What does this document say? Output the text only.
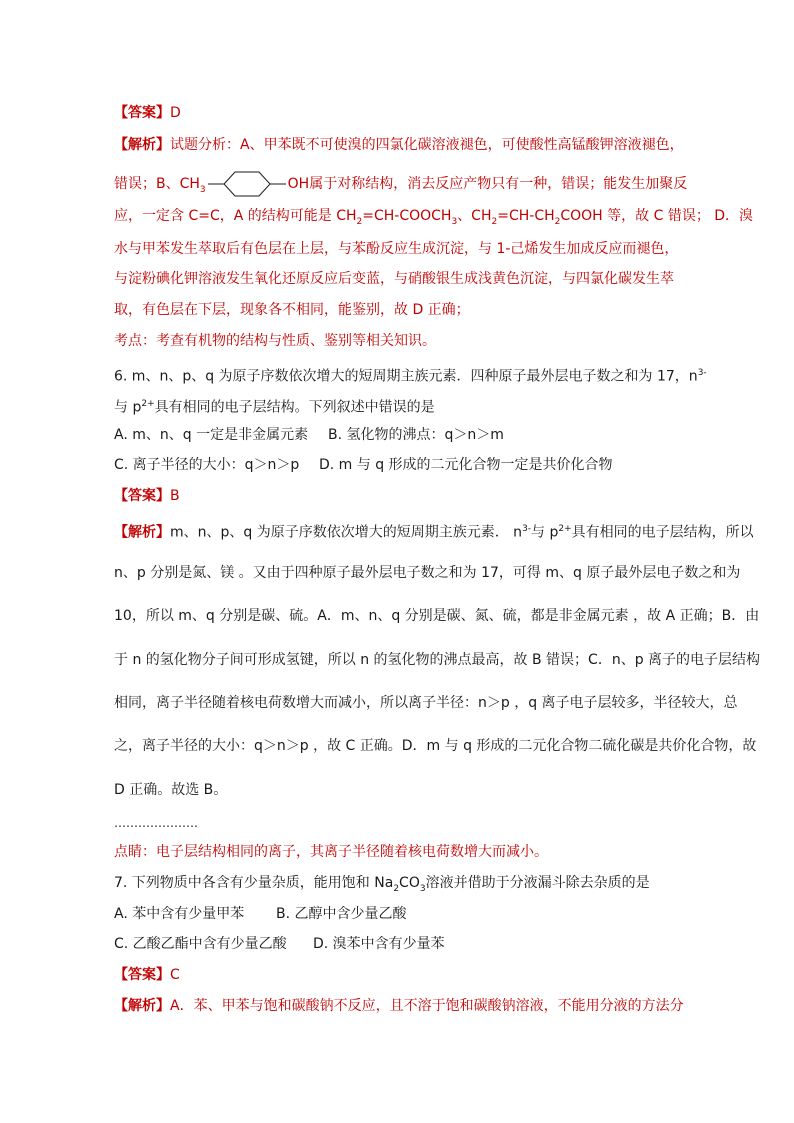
【答案】D
【解析】试题分析：A、甲苯既不可使溴的四氯化碳溶液褪色，可使酸性高锰酸钾溶液褪色，
错误；B、$CH_3$	OH属于对称结构，消去反应产物只有一种，错误；能发生加聚反
应，一定含 C=C，A 的结构可能是 $CH_2=CH-COOCH_3$、$CH_2=CH-CH_2COOH$ 等，故 C 错误； D．溴
水与甲苯发生萃取后有色层在上层，与苯酚反应生成沉淀，与 1-己烯发生加成反应而褪色，
与淀粉碘化钾溶液发生氧化还原反应后变蓝，与硝酸银生成浅黄色沉淀，与四氯化碳发生萃
取，有色层在下层，现象各不相同，能鉴别，故 D 正确；
考点：考查有机物的结构与性质、鉴别等相关知识。
6. m、n、p、q 为原子序数依次增大的短周期主族元素．四种原子最外层电子数之和为 17，$n^{3-}$
与 $p^{2+}$具有相同的电子层结构。下列叙述中错误的是
A. m、n、q 一定是非金属元素 B. 氢化物的沸点：q＞n＞m
C. 离子半径的大小：q＞n＞p D. m 与 q 形成的二元化合物一定是共价化合物
【答案】B
【解析】m、n、p、q 为原子序数依次增大的短周期主族元素． $n^{3-}$与 $p^{2+}$具有相同的电子层结构，所以
n、p 分别是氮、镁 。又由于四种原子最外层电子数之和为 17，可得 m、q 原子最外层电子数之和为
10，所以 m、q 分别是碳、硫。A．m、n、q 分别是碳、氮、硫，都是非金属元素 ，故 A 正确；B．由
于 n 的氢化物分子间可形成氢键，所以 n 的氢化物的沸点最高，故 B 错误；C．n、p 离子的电子层结构
相同，离子半径随着核电荷数增大而减小，所以离子半径：n＞p ，q 离子电子层较多，半径较大，总
之，离子半径的大小：q＞n＞p ，故 C 正确。D．m 与 q 形成的二元化合物二硫化碳是共价化合物，故
D 正确。故选 B。
…………………
点睛：电子层结构相同的离子，其离子半径随着核电荷数增大而减小。
7. 下列物质中各含有少量杂质，能用饱和 $Na_2CO_3$溶液并借助于分液漏斗除去杂质的是
A. 苯中含有少量甲苯 B. 乙醇中含少量乙酸
C. 乙酸乙酯中含有少量乙酸 D. 溴苯中含有少量苯
【答案】C
【解析】A．苯、甲苯与饱和碳酸钠不反应，且不溶于饱和碳酸钠溶液，不能用分液的方法分
